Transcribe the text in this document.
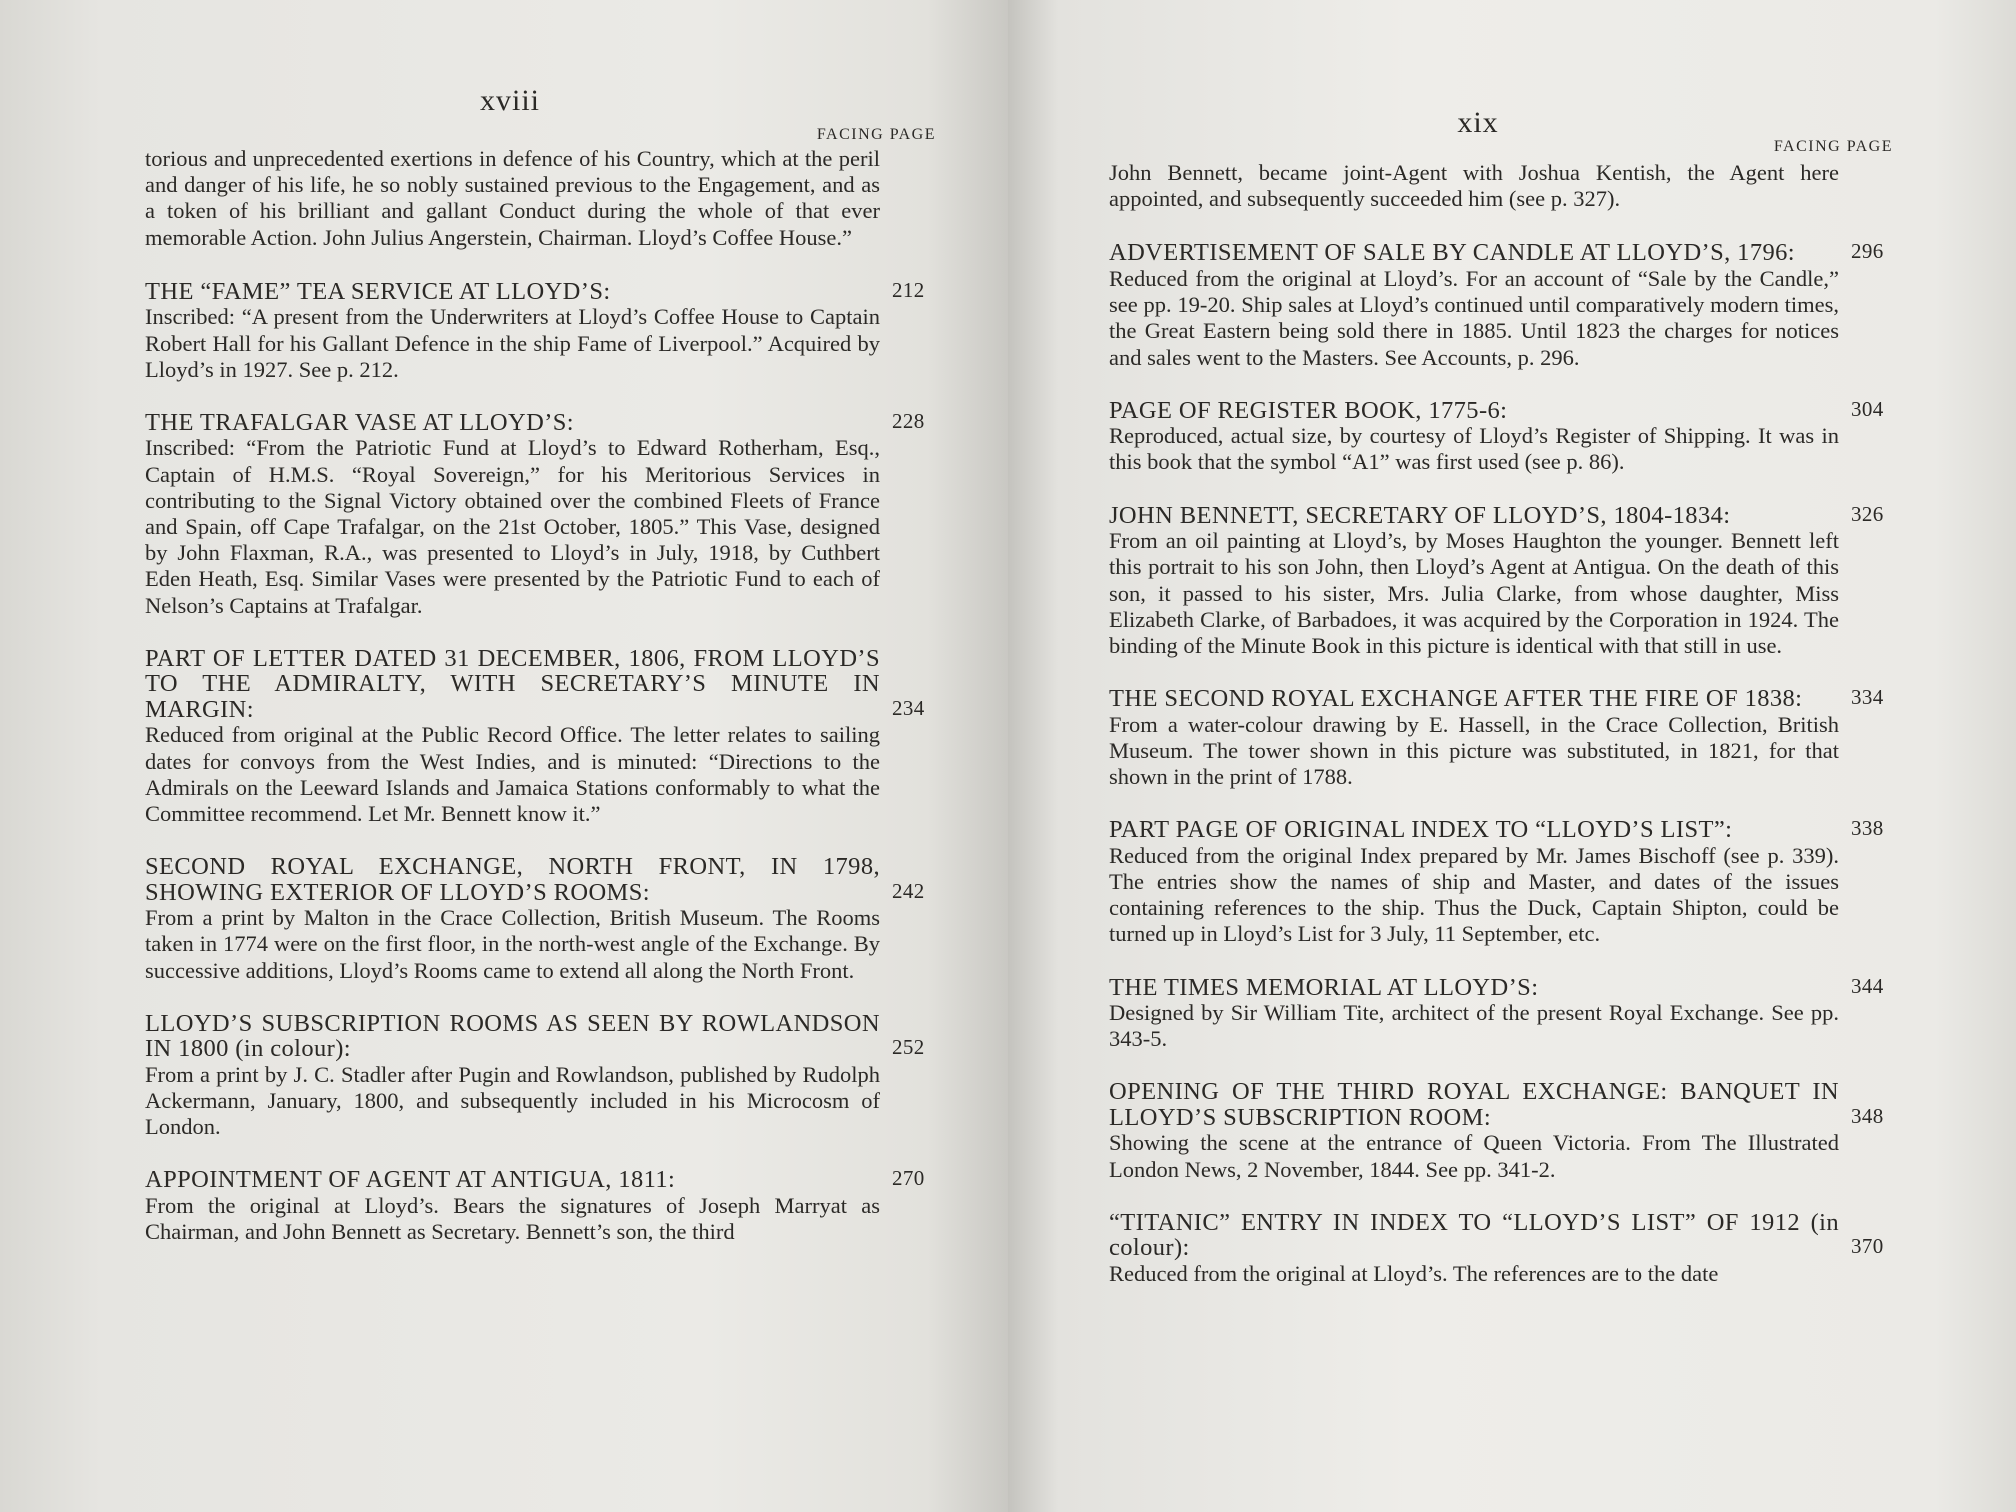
xviii
FACING PAGE

torious and unprecedented exertions in defence of his Country, which at the peril and danger of his life, he so nobly sustained previous to the Engagement, and as a token of his brilliant and gallant Conduct during the whole of that ever memorable Action. John Julius Angerstein, Chairman. Lloyd’s Coffee House.”

THE “FAME” TEA SERVICE AT LLOYD’S:	212

Inscribed: “A present from the Underwriters at Lloyd’s Coffee House to Captain Robert Hall for his Gallant Defence in the ship Fame of Liverpool.” Acquired by Lloyd’s in 1927. See p. 212.

THE TRAFALGAR VASE AT LLOYD’S:	228

Inscribed: “From the Patriotic Fund at Lloyd’s to Edward Rotherham, Esq., Captain of H.M.S. “Royal Sovereign,” for his Meritorious Services in contributing to the Signal Victory obtained over the combined Fleets of France and Spain, off Cape Trafalgar, on the 21st October, 1805.” This Vase, designed by John Flaxman, R.A., was presented to Lloyd’s in July, 1918, by Cuthbert Eden Heath, Esq. Similar Vases were presented by the Patriotic Fund to each of Nelson’s Captains at Trafalgar.

PART OF LETTER DATED 31 DECEMBER, 1806, FROM LLOYD’S TO THE ADMIRALTY, WITH SECRETARY’S MINUTE IN MARGIN:	234

Reduced from original at the Public Record Office. The letter relates to sailing dates for convoys from the West Indies, and is minuted: “Directions to the Admirals on the Leeward Islands and Jamaica Stations conformably to what the Committee recommend. Let Mr. Bennett know it.”

SECOND ROYAL EXCHANGE, NORTH FRONT, IN 1798, SHOWING EXTERIOR OF LLOYD’S ROOMS:	242

From a print by Malton in the Crace Collection, British Museum. The Rooms taken in 1774 were on the first floor, in the north-west angle of the Exchange. By successive additions, Lloyd’s Rooms came to extend all along the North Front.

LLOYD’S SUBSCRIPTION ROOMS AS SEEN BY ROWLANDSON IN 1800 (in colour):	252

From a print by J. C. Stadler after Pugin and Rowlandson, published by Rudolph Ackermann, January, 1800, and subsequently included in his Microcosm of London.

APPOINTMENT OF AGENT AT ANTIGUA, 1811:	270

From the original at Lloyd’s. Bears the signatures of Joseph Marryat as Chairman, and John Bennett as Secretary. Bennett’s son, the third

xix
FACING PAGE

John Bennett, became joint-Agent with Joshua Kentish, the Agent here appointed, and subsequently succeeded him (see p. 327).

ADVERTISEMENT OF SALE BY CANDLE AT LLOYD’S, 1796:	296

Reduced from the original at Lloyd’s. For an account of “Sale by the Candle,” see pp. 19-20. Ship sales at Lloyd’s continued until comparatively modern times, the Great Eastern being sold there in 1885. Until 1823 the charges for notices and sales went to the Masters. See Accounts, p. 296.

PAGE OF REGISTER BOOK, 1775-6:	304

Reproduced, actual size, by courtesy of Lloyd’s Register of Shipping. It was in this book that the symbol “A1” was first used (see p. 86).

JOHN BENNETT, SECRETARY OF LLOYD’S, 1804-1834:	326

From an oil painting at Lloyd’s, by Moses Haughton the younger. Bennett left this portrait to his son John, then Lloyd’s Agent at Antigua. On the death of this son, it passed to his sister, Mrs. Julia Clarke, from whose daughter, Miss Elizabeth Clarke, of Barbadoes, it was acquired by the Corporation in 1924. The binding of the Minute Book in this picture is identical with that still in use.

THE SECOND ROYAL EXCHANGE AFTER THE FIRE OF 1838: 334

From a water-colour drawing by E. Hassell, in the Crace Collection, British Museum. The tower shown in this picture was substituted, in 1821, for that shown in the print of 1788.

PART PAGE OF ORIGINAL INDEX TO “LLOYD’S LIST”:	338

Reduced from the original Index prepared by Mr. James Bischoff (see p. 339). The entries show the names of ship and Master, and dates of the issues containing references to the ship. Thus the Duck, Captain Shipton, could be turned up in Lloyd’s List for 3 July, 11 September, etc.

THE TIMES MEMORIAL AT LLOYD’S:	344

Designed by Sir William Tite, architect of the present Royal Exchange. See pp. 343-5.

OPENING OF THE THIRD ROYAL EXCHANGE: BANQUET IN LLOYD’S SUBSCRIPTION ROOM:	348

Showing the scene at the entrance of Queen Victoria. From The Illustrated London News, 2 November, 1844. See pp. 341-2.

“TITANIC” ENTRY IN INDEX TO “LLOYD’S LIST” OF 1912 (in colour):	370

Reduced from the original at Lloyd’s. The references are to the date
